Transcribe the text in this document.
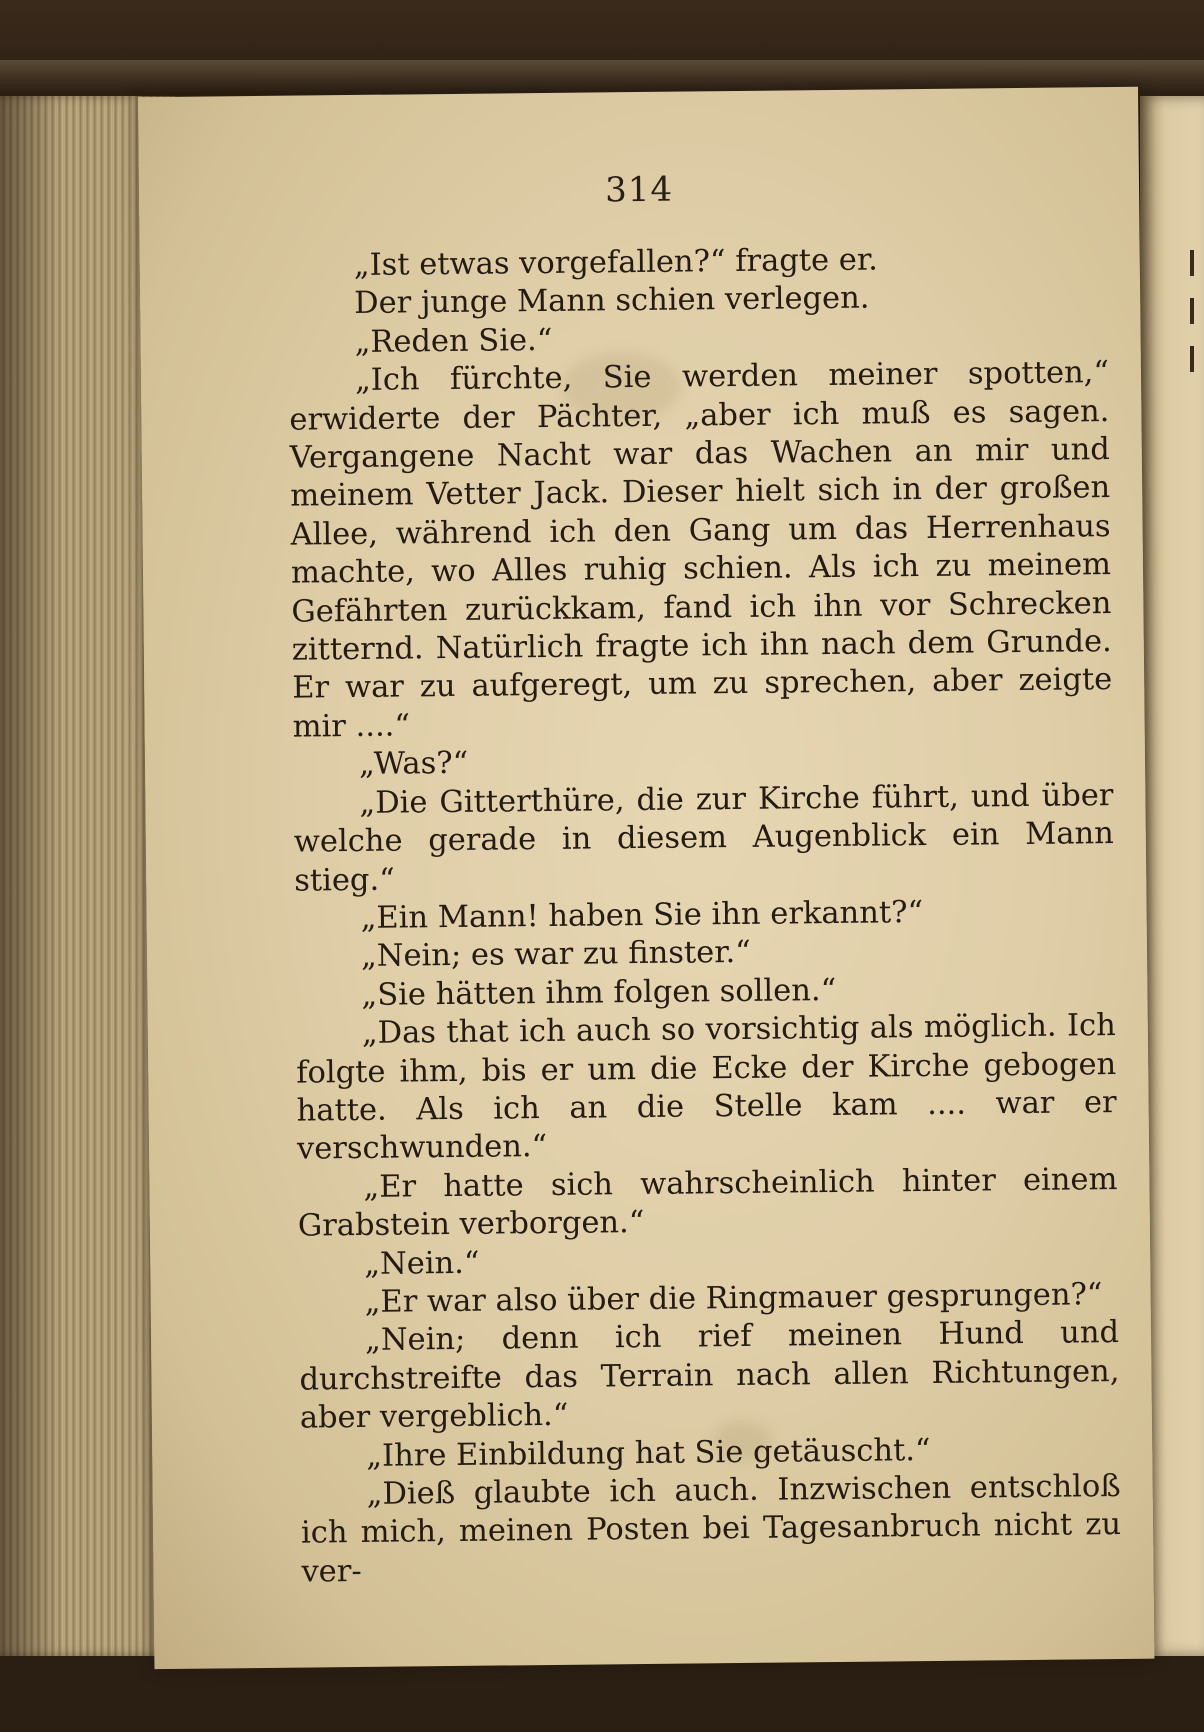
314

„Ist etwas vorgefallen?“ fragte er.

Der junge Mann schien verlegen.

„Reden Sie.“

„Ich fürchte, Sie werden meiner spotten,“ erwiderte der Pächter, „aber ich muß es sagen. Vergangene Nacht war das Wachen an mir und meinem Vetter Jack. Dieser hielt sich in der großen Allee, während ich den Gang um das Herrenhaus machte, wo Alles ruhig schien. Als ich zu meinem Gefährten zurückkam, fand ich ihn vor Schrecken zitternd. Natürlich fragte ich ihn nach dem Grunde. Er war zu aufgeregt, um zu sprechen, aber zeigte mir ....“

„Was?“

„Die Gitterthüre, die zur Kirche führt, und über welche gerade in diesem Augenblick ein Mann stieg.“

„Ein Mann! haben Sie ihn erkannt?“

„Nein; es war zu finster.“

„Sie hätten ihm folgen sollen.“

„Das that ich auch so vorsichtig als möglich. Ich folgte ihm, bis er um die Ecke der Kirche gebogen hatte. Als ich an die Stelle kam .... war er verschwunden.“

„Er hatte sich wahrscheinlich hinter einem Grabstein verborgen.“

„Nein.“

„Er war also über die Ringmauer gesprungen?“

„Nein; denn ich rief meinen Hund und durchstreifte das Terrain nach allen Richtungen, aber vergeblich.“

„Ihre Einbildung hat Sie getäuscht.“

„Dieß glaubte ich auch. Inzwischen entschloß ich mich, meinen Posten bei Tagesanbruch nicht zu ver-
